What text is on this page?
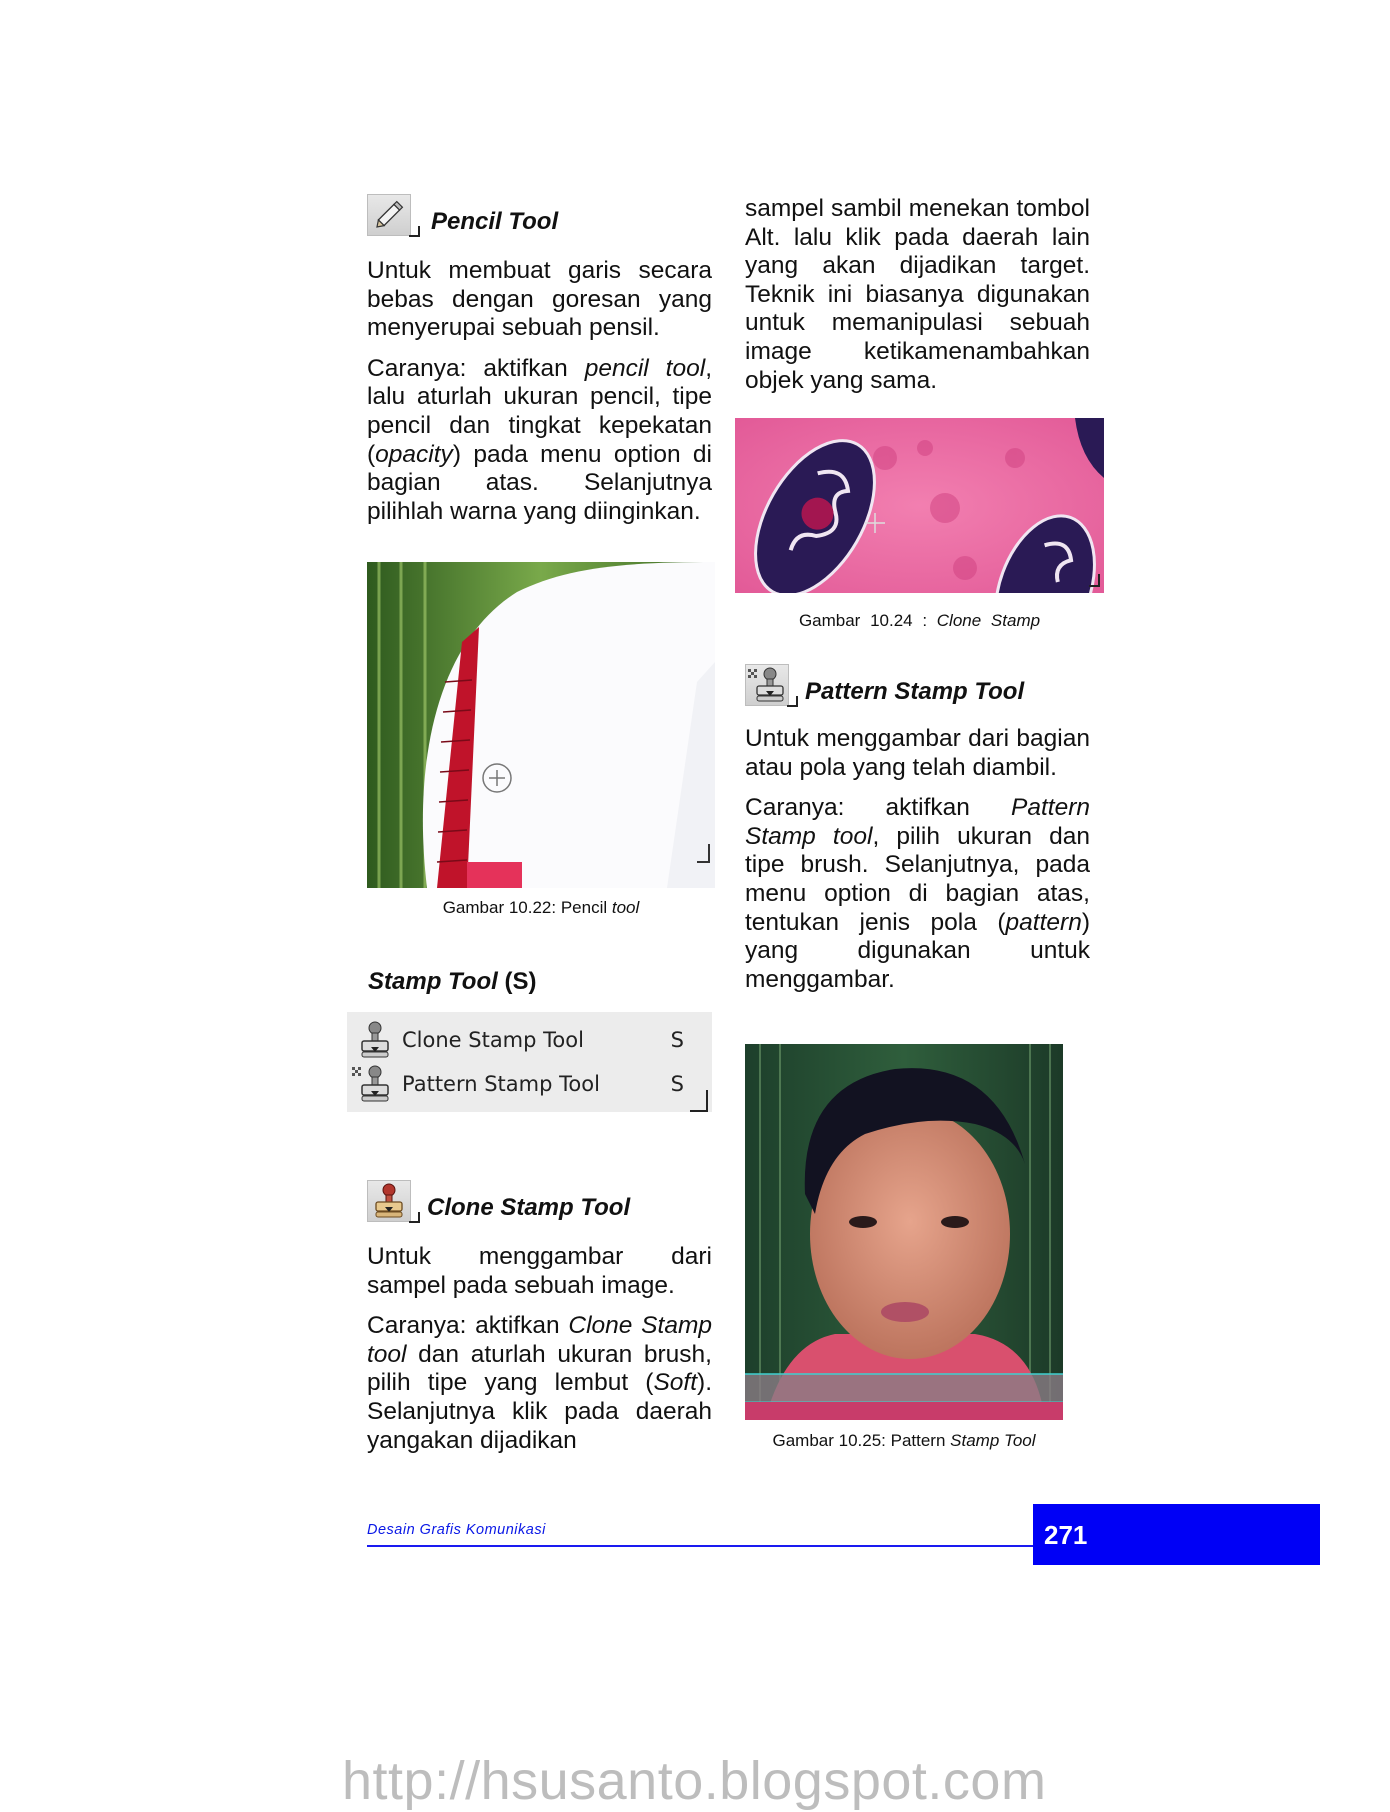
Pencil Tool

Untuk membuat garis secara bebas dengan goresan yang menyerupai sebuah pensil.

Caranya: aktifkan pencil tool, lalu aturlah ukuran pencil, tipe pencil dan tingkat kepekatan (opacity) pada menu option di bagian atas. Selanjutnya pilihlah warna yang diinginkan.

Gambar 10.22: Pencil tool
Stamp Tool (S)
Clone Stamp Tool	S
Pattern Stamp Tool	S
Clone Stamp Tool

Untuk menggambar dari sampel pada sebuah image.

Caranya: aktifkan Clone Stamp tool dan aturlah ukuran brush, pilih tipe yang lembut (Soft). Selanjutnya klik pada daerah yangakan dijadikan

sampel sambil menekan tombol Alt. lalu klik pada daerah lain yang akan dijadikan target. Teknik ini biasanya digunakan untuk memanipulasi sebuah image ketikamenambahkan objek yang sama.

Gambar 10.24 : Clone Stamp
Pattern Stamp Tool

Untuk menggambar dari bagian atau pola yang telah diambil.

Caranya: aktifkan Pattern Stamp tool, pilih ukuran dan tipe brush. Selanjutnya, pada menu option di bagian atas, tentukan jenis pola (pattern) yang digunakan untuk menggambar.

Gambar 10.25: Pattern Stamp Tool
Desain Grafis Komunikasi	271
http://hsusanto.blogspot.com
